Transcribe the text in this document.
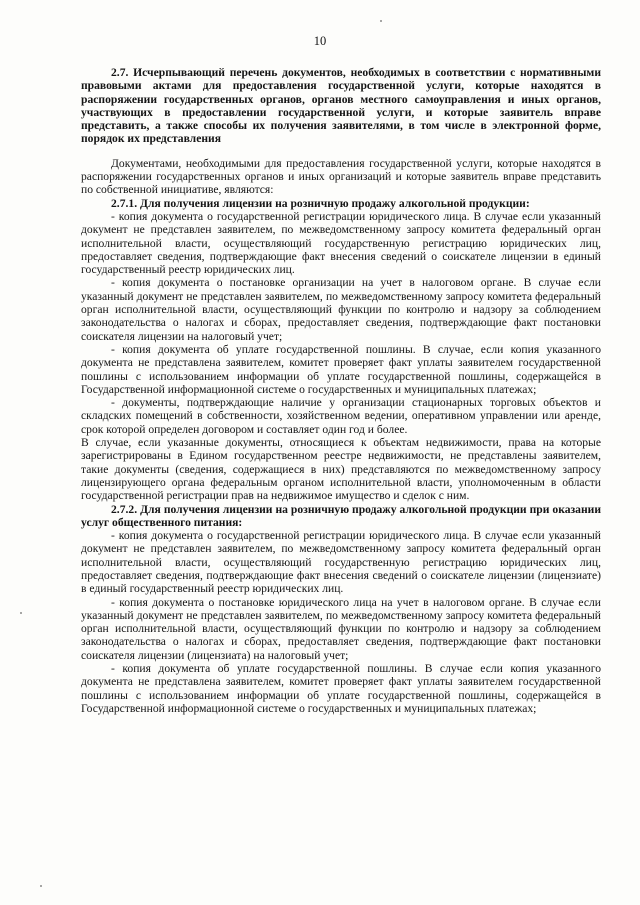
10

2.7. Исчерпывающий перечень документов, необходимых в соответствии с нормативными правовыми актами для предоставления государственной услуги, которые находятся в распоряжении государственных органов, органов местного самоуправления и иных органов, участвующих в предоставлении государственной услуги, и которые заявитель вправе представить, а также способы их получения заявителями, в том числе в электронной форме, порядок их представления

Документами, необходимыми для предоставления государственной услуги, которые находятся в распоряжении государственных органов и иных организаций и которые заявитель вправе представить по собственной инициативе, являются:

2.7.1. Для получения лицензии на розничную продажу алкогольной продукции:

- копия документа о государственной регистрации юридического лица. В случае если указанный документ не представлен заявителем, по межведомственному запросу комитета федеральный орган исполнительной власти, осуществляющий государственную регистрацию юридических лиц, предоставляет сведения, подтверждающие факт внесения сведений о соискателе лицензии в единый государственный реестр юридических лиц.

- копия документа о постановке организации на учет в налоговом органе. В случае если указанный документ не представлен заявителем, по межведомственному запросу комитета федеральный орган исполнительной власти, осуществляющий функции по контролю и надзору за соблюдением законодательства о налогах и сборах, предоставляет сведения, подтверждающие факт постановки соискателя лицензии на налоговый учет;

- копия документа об уплате государственной пошлины. В случае, если копия указанного документа не представлена заявителем, комитет проверяет факт уплаты заявителем государственной пошлины с использованием информации об уплате государственной пошлины, содержащейся в Государственной информационной системе о государственных и муниципальных платежах;

- документы, подтверждающие наличие у организации стационарных торговых объектов и складских помещений в собственности, хозяйственном ведении, оперативном управлении или аренде, срок которой определен договором и составляет один год и более.

В случае, если указанные документы, относящиеся к объектам недвижимости, права на которые зарегистрированы в Едином государственном реестре недвижимости, не представлены заявителем, такие документы (сведения, содержащиеся в них) представляются по межведомственному запросу лицензирующего органа федеральным органом исполнительной власти, уполномоченным в области государственной регистрации прав на недвижимое имущество и сделок с ним.

2.7.2. Для получения лицензии на розничную продажу алкогольной продукции при оказании услуг общественного питания:

- копия документа о государственной регистрации юридического лица. В случае если указанный документ не представлен заявителем, по межведомственному запросу комитета федеральный орган исполнительной власти, осуществляющий государственную регистрацию юридических лиц, предоставляет сведения, подтверждающие факт внесения сведений о соискателе лицензии (лицензиате) в единый государственный реестр юридических лиц.

- копия документа о постановке юридического лица на учет в налоговом органе. В случае если указанный документ не представлен заявителем, по межведомственному запросу комитета федеральный орган исполнительной власти, осуществляющий функции по контролю и надзору за соблюдением законодательства о налогах и сборах, предоставляет сведения, подтверждающие факт постановки соискателя лицензии (лицензиата) на налоговый учет;

- копия документа об уплате государственной пошлины. В случае если копия указанного документа не представлена заявителем, комитет проверяет факт уплаты заявителем государственной пошлины с использованием информации об уплате государственной пошлины, содержащейся в Государственной информационной системе о государственных и муниципальных платежах;
